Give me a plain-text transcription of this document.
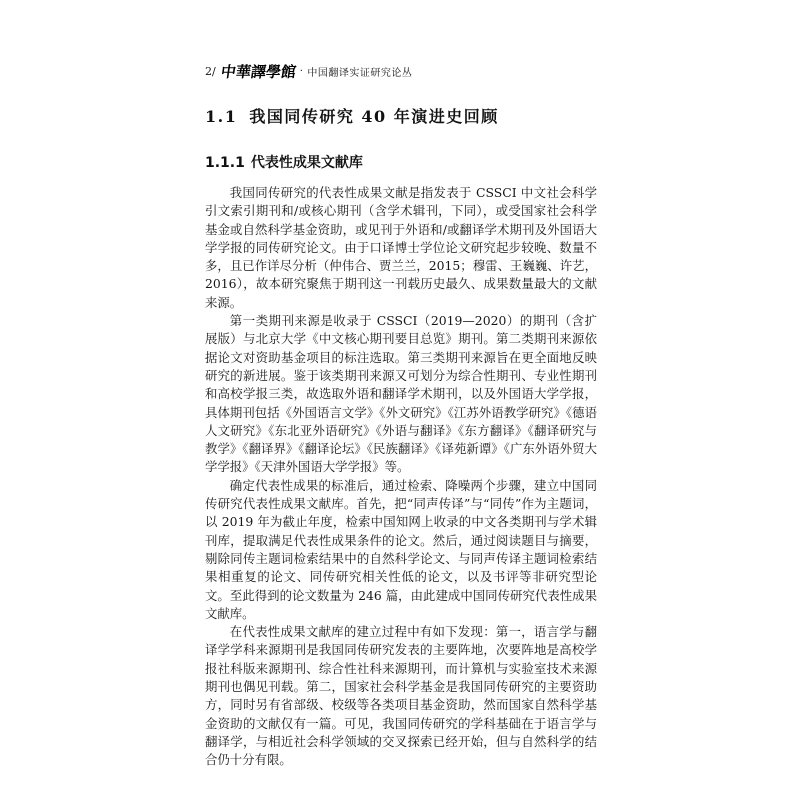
2/ 中華譯學館 · 中国翻译实证研究论丛
1.1 我国同传研究 40 年演进史回顾
1.1.1 代表性成果文献库

我国同传研究的代表性成果文献是指发表于 CSSCI 中文社会科学引文索引期刊和/或核心期刊（含学术辑刊，下同），或受国家社会科学基金或自然科学基金资助，或见刊于外语和/或翻译学术期刊及外国语大学学报的同传研究论文。由于口译博士学位论文研究起步较晚、数量不多，且已作详尽分析（仲伟合、贾兰兰，2015；穆雷、王巍巍、许艺，2016），故本研究聚焦于期刊这一刊载历史最久、成果数量最大的文献来源。

第一类期刊来源是收录于 CSSCI（2019—2020）的期刊（含扩展版）与北京大学《中文核心期刊要目总览》期刊。第二类期刊来源依据论文对资助基金项目的标注选取。第三类期刊来源旨在更全面地反映研究的新进展。鉴于该类期刊来源又可划分为综合性期刊、专业性期刊和高校学报三类，故选取外语和翻译学术期刊，以及外国语大学学报，具体期刊包括《外国语言文学》《外文研究》《江苏外语教学研究》《德语人文研究》《东北亚外语研究》《外语与翻译》《东方翻译》《翻译研究与教学》《翻译界》《翻译论坛》《民族翻译》《译苑新谭》《广东外语外贸大学学报》《天津外国语大学学报》等。

确定代表性成果的标准后，通过检索、降噪两个步骤，建立中国同传研究代表性成果文献库。首先，把“同声传译”与“同传”作为主题词，以 2019 年为截止年度，检索中国知网上收录的中文各类期刊与学术辑刊库，提取满足代表性成果条件的论文。然后，通过阅读题目与摘要，剔除同传主题词检索结果中的自然科学论文、与同声传译主题词检索结果相重复的论文、同传研究相关性低的论文，以及书评等非研究型论文。至此得到的论文数量为 246 篇，由此建成中国同传研究代表性成果文献库。

在代表性成果文献库的建立过程中有如下发现：第一，语言学与翻译学学科来源期刊是我国同传研究发表的主要阵地，次要阵地是高校学报社科版来源期刊、综合性社科来源期刊，而计算机与实验室技术来源期刊也偶见刊载。第二，国家社会科学基金是我国同传研究的主要资助方，同时另有省部级、校级等各类项目基金资助，然而国家自然科学基金资助的文献仅有一篇。可见，我国同传研究的学科基础在于语言学与翻译学，与相近社会科学领域的交叉探索已经开始，但与自然科学的结合仍十分有限。
